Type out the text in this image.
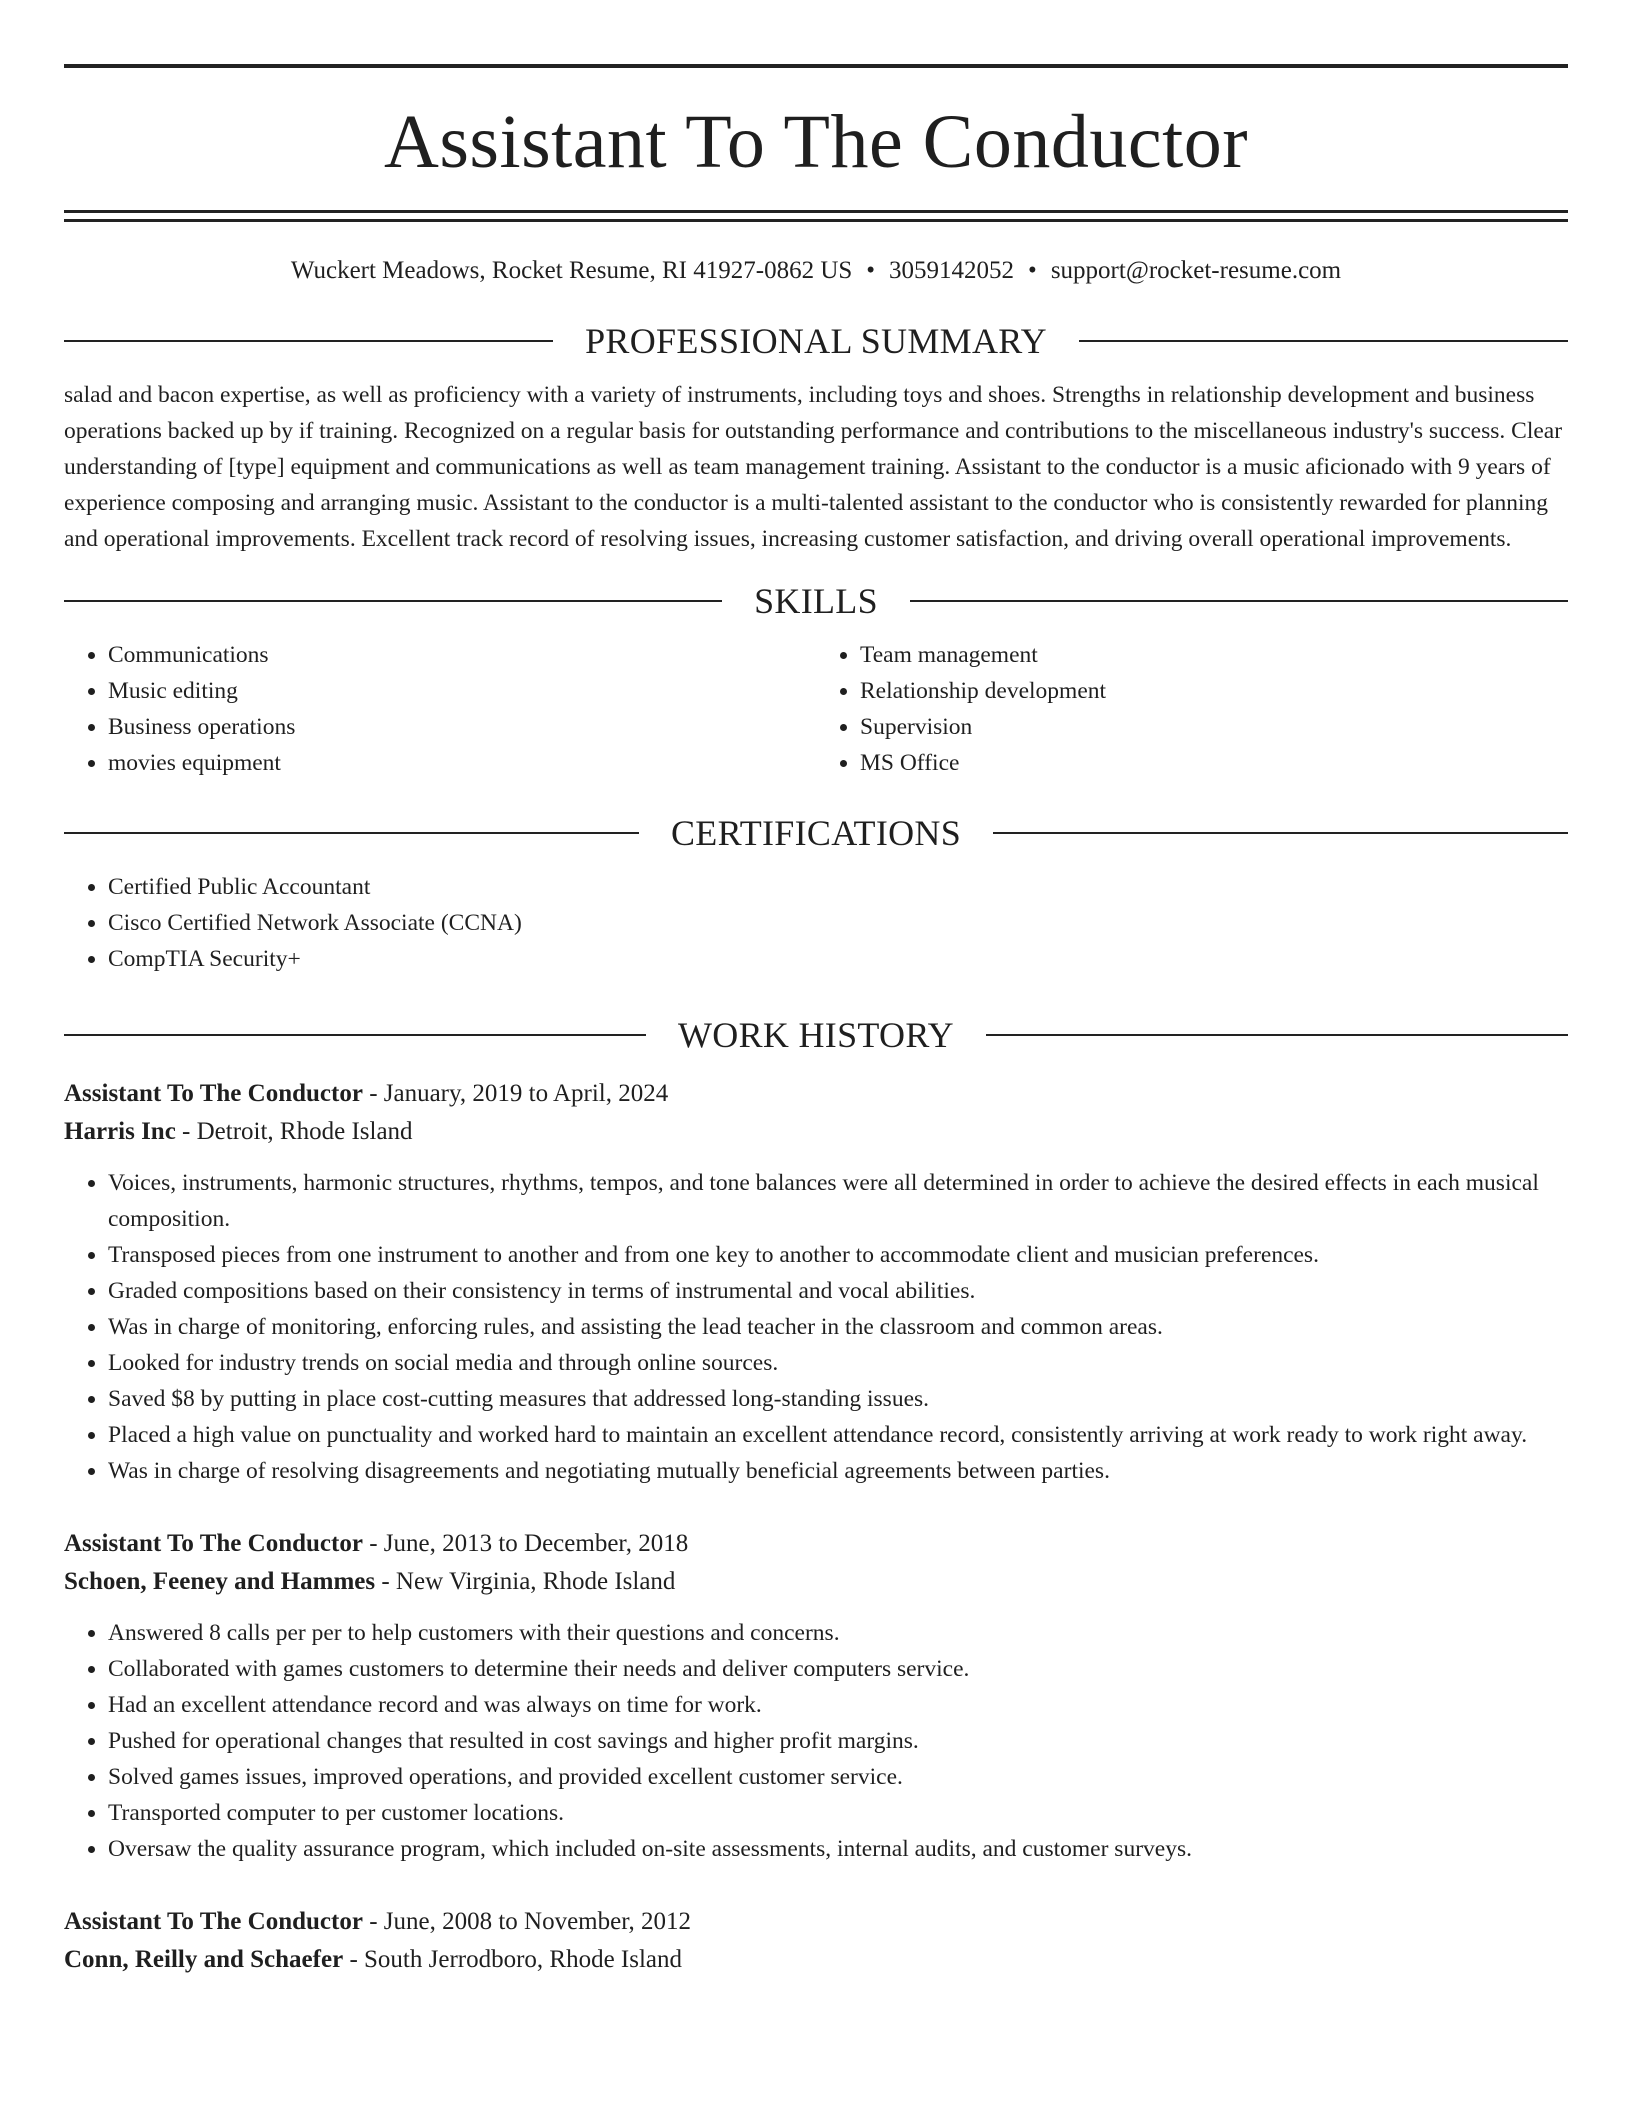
Assistant To The Conductor
Wuckert Meadows, Rocket Resume, RI 41927-0862 US • 3059142052 • support@rocket-resume.com
PROFESSIONAL SUMMARY
salad and bacon expertise, as well as proficiency with a variety of instruments, including toys and shoes. Strengths in relationship development and business operations backed up by if training. Recognized on a regular basis for outstanding performance and contributions to the miscellaneous industry's success. Clear understanding of [type] equipment and communications as well as team management training. Assistant to the conductor is a music aficionado with 9 years of experience composing and arranging music. Assistant to the conductor is a multi-talented assistant to the conductor who is consistently rewarded for planning and operational improvements. Excellent track record of resolving issues, increasing customer satisfaction, and driving overall operational improvements.
SKILLS
• Communications
• Music editing
• Business operations
• movies equipment
• Team management
• Relationship development
• Supervision
• MS Office
CERTIFICATIONS
• Certified Public Accountant
• Cisco Certified Network Associate (CCNA)
• CompTIA Security+
WORK HISTORY
Assistant To The Conductor - January, 2019 to April, 2024
Harris Inc - Detroit, Rhode Island
• Voices, instruments, harmonic structures, rhythms, tempos, and tone balances were all determined in order to achieve the desired effects in each musical composition.
• Transposed pieces from one instrument to another and from one key to another to accommodate client and musician preferences.
• Graded compositions based on their consistency in terms of instrumental and vocal abilities.
• Was in charge of monitoring, enforcing rules, and assisting the lead teacher in the classroom and common areas.
• Looked for industry trends on social media and through online sources.
• Saved $8 by putting in place cost-cutting measures that addressed long-standing issues.
• Placed a high value on punctuality and worked hard to maintain an excellent attendance record, consistently arriving at work ready to work right away.
• Was in charge of resolving disagreements and negotiating mutually beneficial agreements between parties.
Assistant To The Conductor - June, 2013 to December, 2018
Schoen, Feeney and Hammes - New Virginia, Rhode Island
• Answered 8 calls per per to help customers with their questions and concerns.
• Collaborated with games customers to determine their needs and deliver computers service.
• Had an excellent attendance record and was always on time for work.
• Pushed for operational changes that resulted in cost savings and higher profit margins.
• Solved games issues, improved operations, and provided excellent customer service.
• Transported computer to per customer locations.
• Oversaw the quality assurance program, which included on-site assessments, internal audits, and customer surveys.
Assistant To The Conductor - June, 2008 to November, 2012
Conn, Reilly and Schaefer - South Jerrodboro, Rhode Island
